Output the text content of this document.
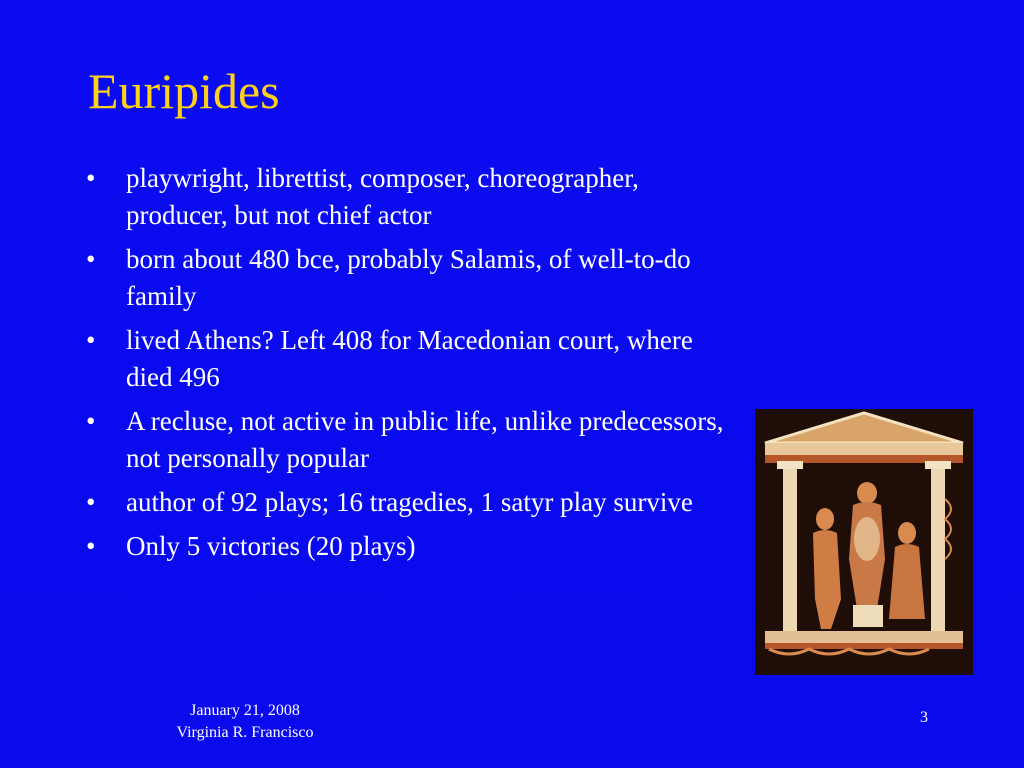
Euripides
•	playwright, librettist, composer, choreographer, producer, but not chief actor
•	born about 480 bce, probably Salamis, of well-to-do family
•	lived Athens? Left 408 for Macedonian court, where died 496
•	A recluse, not active in public life, unlike predecessors, not personally popular
•	author of 92 plays; 16 tragedies, 1 satyr play survive
•	Only 5 victories (20 plays)
January 21, 2008
Virginia R. Francisco
3
